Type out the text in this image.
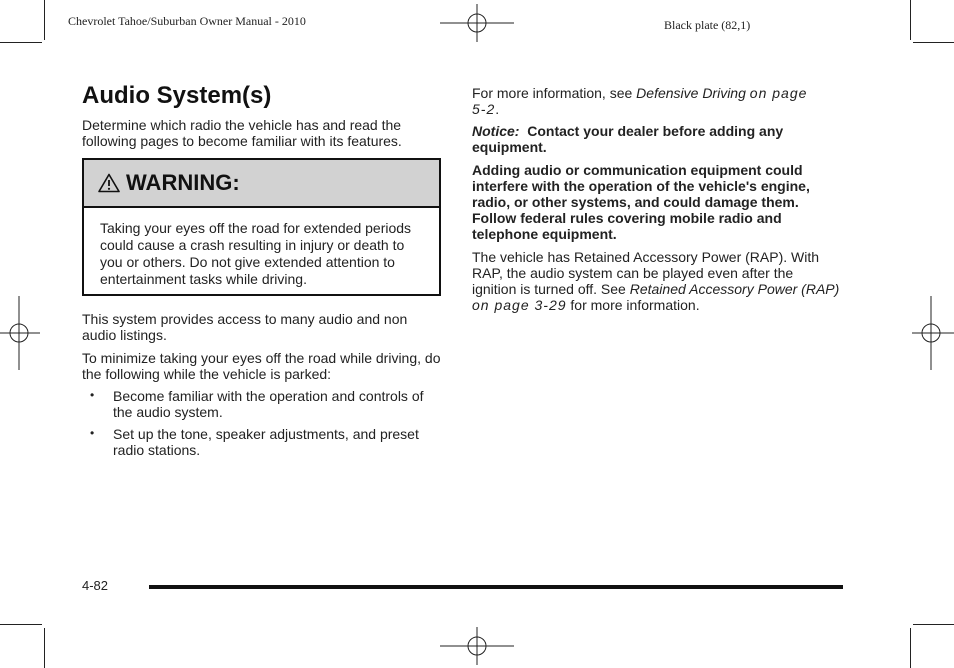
Chevrolet Tahoe/Suburban Owner Manual - 2010	Black plate (82,1)
Audio System(s)

Determine which radio the vehicle has and read the following pages to become familiar with its features.

WARNING:
Taking your eyes off the road for extended periods could cause a crash resulting in injury or death to you or others. Do not give extended attention to entertainment tasks while driving.

This system provides access to many audio and non audio listings.

To minimize taking your eyes off the road while driving, do the following while the vehicle is parked:

• Become familiar with the operation and controls of the audio system.

• Set up the tone, speaker adjustments, and preset radio stations.

For more information, see Defensive Driving on page 5-2.

Notice: Contact your dealer before adding any equipment.

Adding audio or communication equipment could interfere with the operation of the vehicle's engine, radio, or other systems, and could damage them. Follow federal rules covering mobile radio and telephone equipment.

The vehicle has Retained Accessory Power (RAP). With RAP, the audio system can be played even after the ignition is turned off. See Retained Accessory Power (RAP) on page 3-29 for more information.

4-82
